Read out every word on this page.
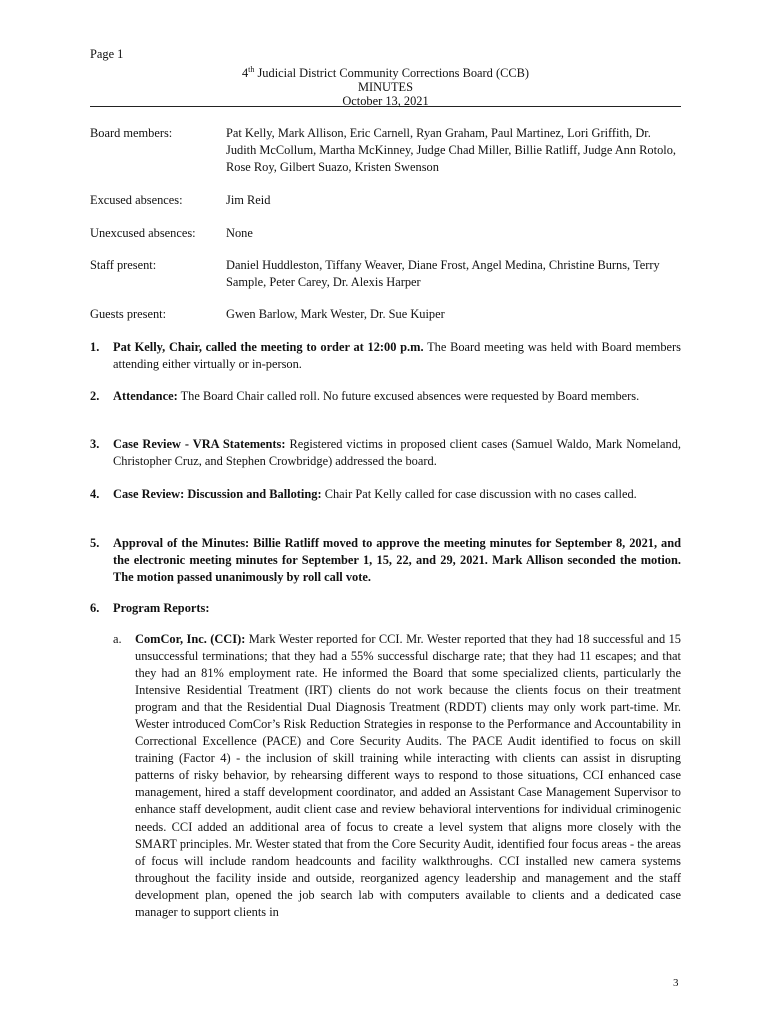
Page 1
4th Judicial District Community Corrections Board (CCB)
MINUTES
October 13, 2021
Board members:	Pat Kelly, Mark Allison, Eric Carnell, Ryan Graham, Paul Martinez, Lori Griffith, Dr. Judith McCollum, Martha McKinney, Judge Chad Miller, Billie Ratliff, Judge Ann Rotolo, Rose Roy, Gilbert Suazo, Kristen Swenson
Excused absences:	Jim Reid
Unexcused absences:	None
Staff present:	Daniel Huddleston, Tiffany Weaver, Diane Frost, Angel Medina, Christine Burns, Terry Sample, Peter Carey, Dr. Alexis Harper
Guests present:	Gwen Barlow, Mark Wester, Dr. Sue Kuiper
1. Pat Kelly, Chair, called the meeting to order at 12:00 p.m. The Board meeting was held with Board members attending either virtually or in-person.
2. Attendance: The Board Chair called roll. No future excused absences were requested by Board members.
3. Case Review - VRA Statements: Registered victims in proposed client cases (Samuel Waldo, Mark Nomeland, Christopher Cruz, and Stephen Crowbridge) addressed the board.
4. Case Review: Discussion and Balloting: Chair Pat Kelly called for case discussion with no cases called.
5. Approval of the Minutes: Billie Ratliff moved to approve the meeting minutes for September 8, 2021, and the electronic meeting minutes for September 1, 15, 22, and 29, 2021. Mark Allison seconded the motion. The motion passed unanimously by roll call vote.
6. Program Reports:
a. ComCor, Inc. (CCI): Mark Wester reported for CCI. Mr. Wester reported that they had 18 successful and 15 unsuccessful terminations; that they had a 55% successful discharge rate; that they had 11 escapes; and that they had an 81% employment rate. He informed the Board that some specialized clients, particularly the Intensive Residential Treatment (IRT) clients do not work because the clients focus on their treatment program and that the Residential Dual Diagnosis Treatment (RDDT) clients may only work part-time. Mr. Wester introduced ComCor’s Risk Reduction Strategies in response to the Performance and Accountability in Correctional Excellence (PACE) and Core Security Audits. The PACE Audit identified to focus on skill training (Factor 4) - the inclusion of skill training while interacting with clients can assist in disrupting patterns of risky behavior, by rehearsing different ways to respond to those situations, CCI enhanced case management, hired a staff development coordinator, and added an Assistant Case Management Supervisor to enhance staff development, audit client case and review behavioral interventions for individual criminogenic needs. CCI added an additional area of focus to create a level system that aligns more closely with the SMART principles. Mr. Wester stated that from the Core Security Audit, identified four focus areas - the areas of focus will include random headcounts and facility walkthroughs. CCI installed new camera systems throughout the facility inside and outside, reorganized agency leadership and management and the staff development plan, opened the job search lab with computers available to clients and a dedicated case manager to support clients in
3
